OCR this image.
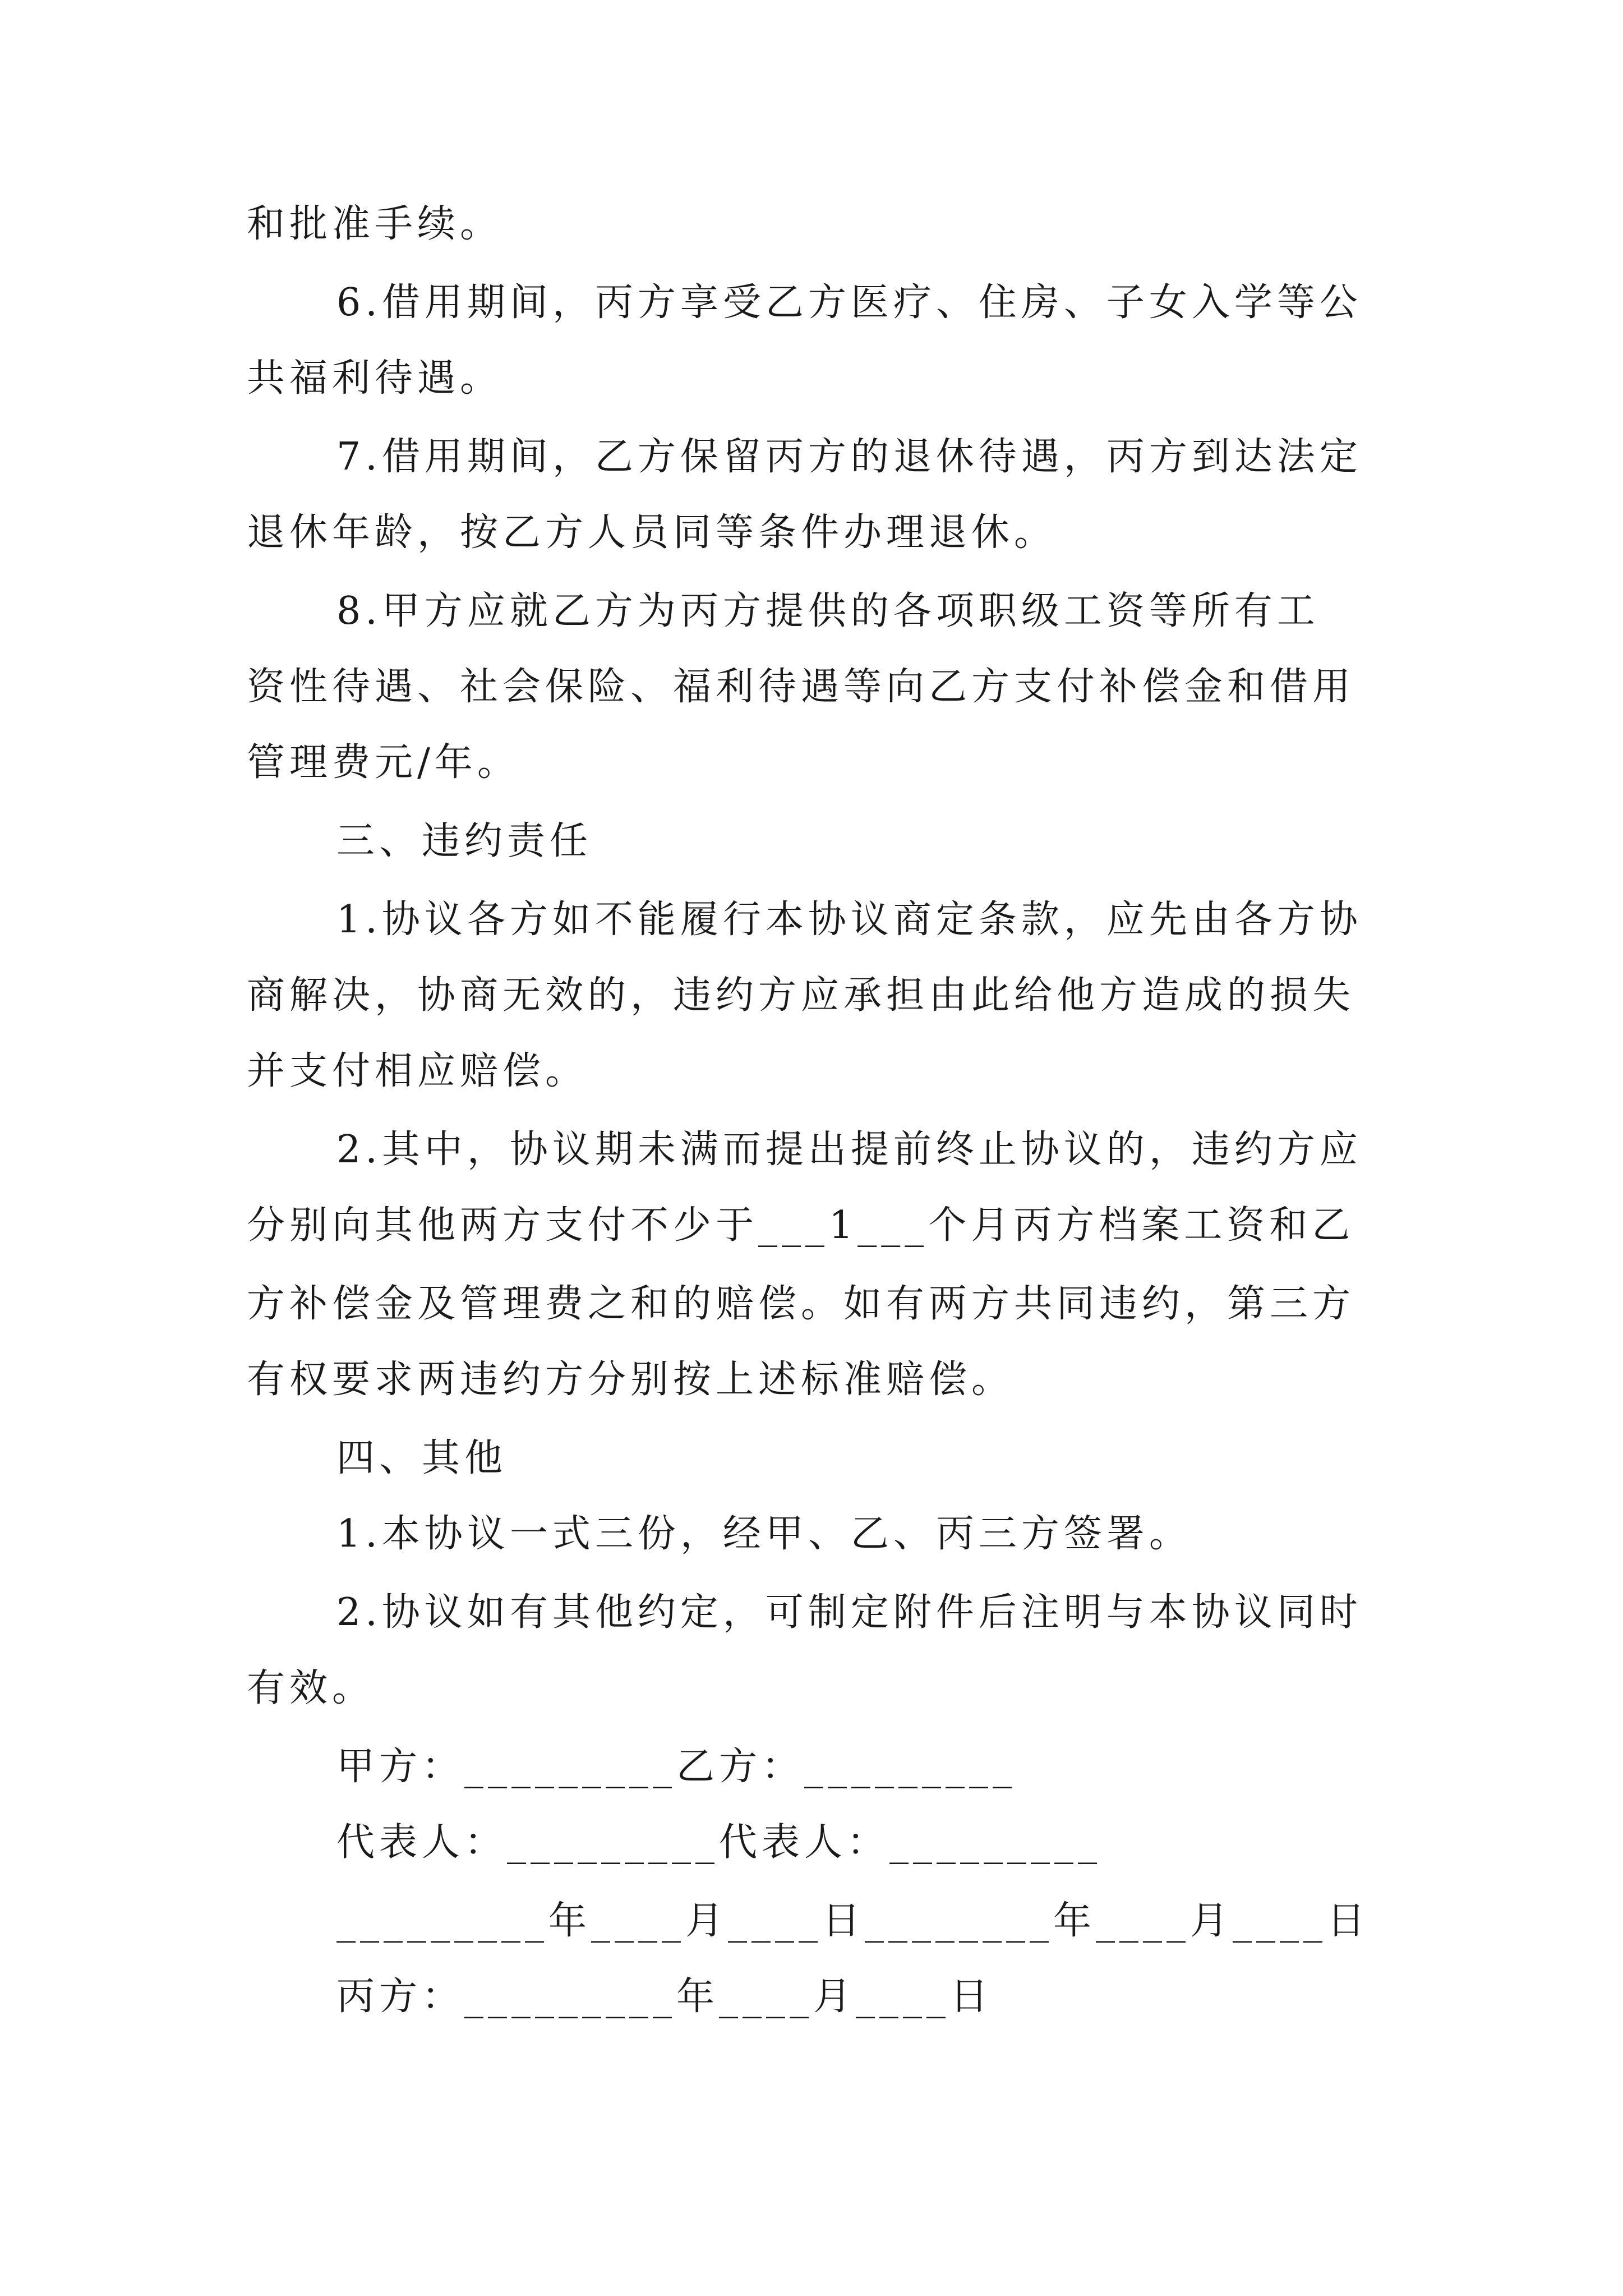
和批准手续。
6.借用期间，丙方享受乙方医疗、住房、子女入学等公
共福利待遇。
7.借用期间，乙方保留丙方的退休待遇，丙方到达法定
退休年龄，按乙方人员同等条件办理退休。
8.甲方应就乙方为丙方提供的各项职级工资等所有工
资性待遇、社会保险、福利待遇等向乙方支付补偿金和借用
管理费元/年。
三、违约责任
1.协议各方如不能履行本协议商定条款，应先由各方协
商解决，协商无效的，违约方应承担由此给他方造成的损失
并支付相应赔偿。
2.其中，协议期未满而提出提前终止协议的，违约方应
分别向其他两方支付不少于___1___个月丙方档案工资和乙
方补偿金及管理费之和的赔偿。如有两方共同违约，第三方
有权要求两违约方分别按上述标准赔偿。
四、其他
1.本协议一式三份，经甲、乙、丙三方签署。
2.协议如有其他约定，可制定附件后注明与本协议同时
有效。
甲方：_________乙方：_________
代表人：_________代表人：_________
_________年____月____日________年____月____日
丙方：_________年____月____日
